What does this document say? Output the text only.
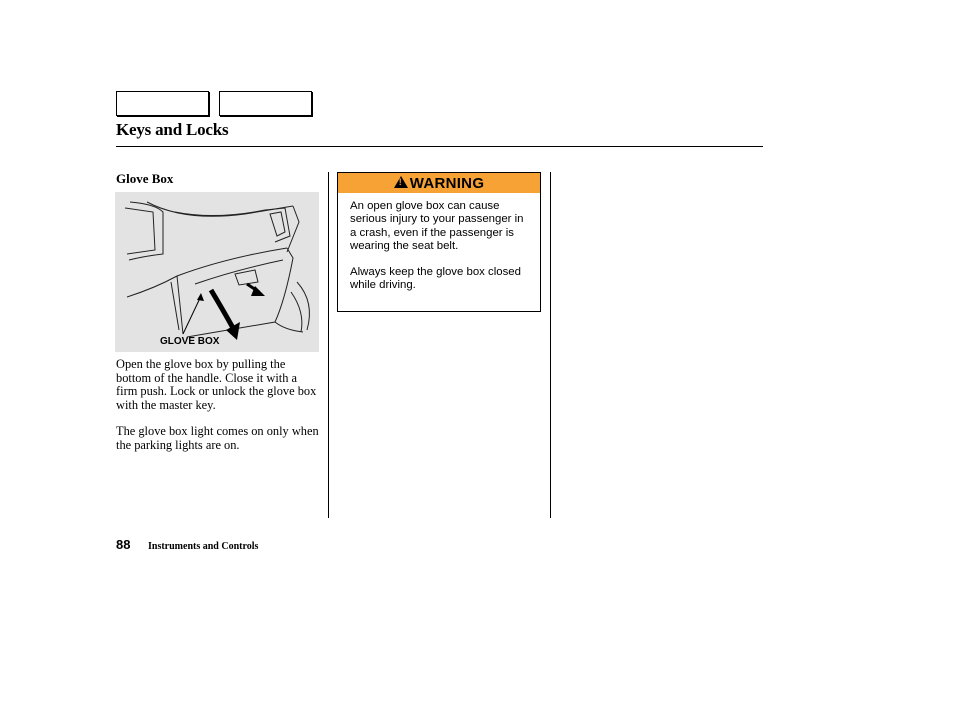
Keys and Locks
Glove Box
GLOVE BOX
Open the glove box by pulling the bottom of the handle. Close it with a firm push. Lock or unlock the glove box with the master key.
The glove box light comes on only when the parking lights are on.
!
WARNING

An open glove box can cause serious injury to your passenger in a crash, even if the passenger is wearing the seat belt.

Always keep the glove box closed while driving.

88 Instruments and Controls
